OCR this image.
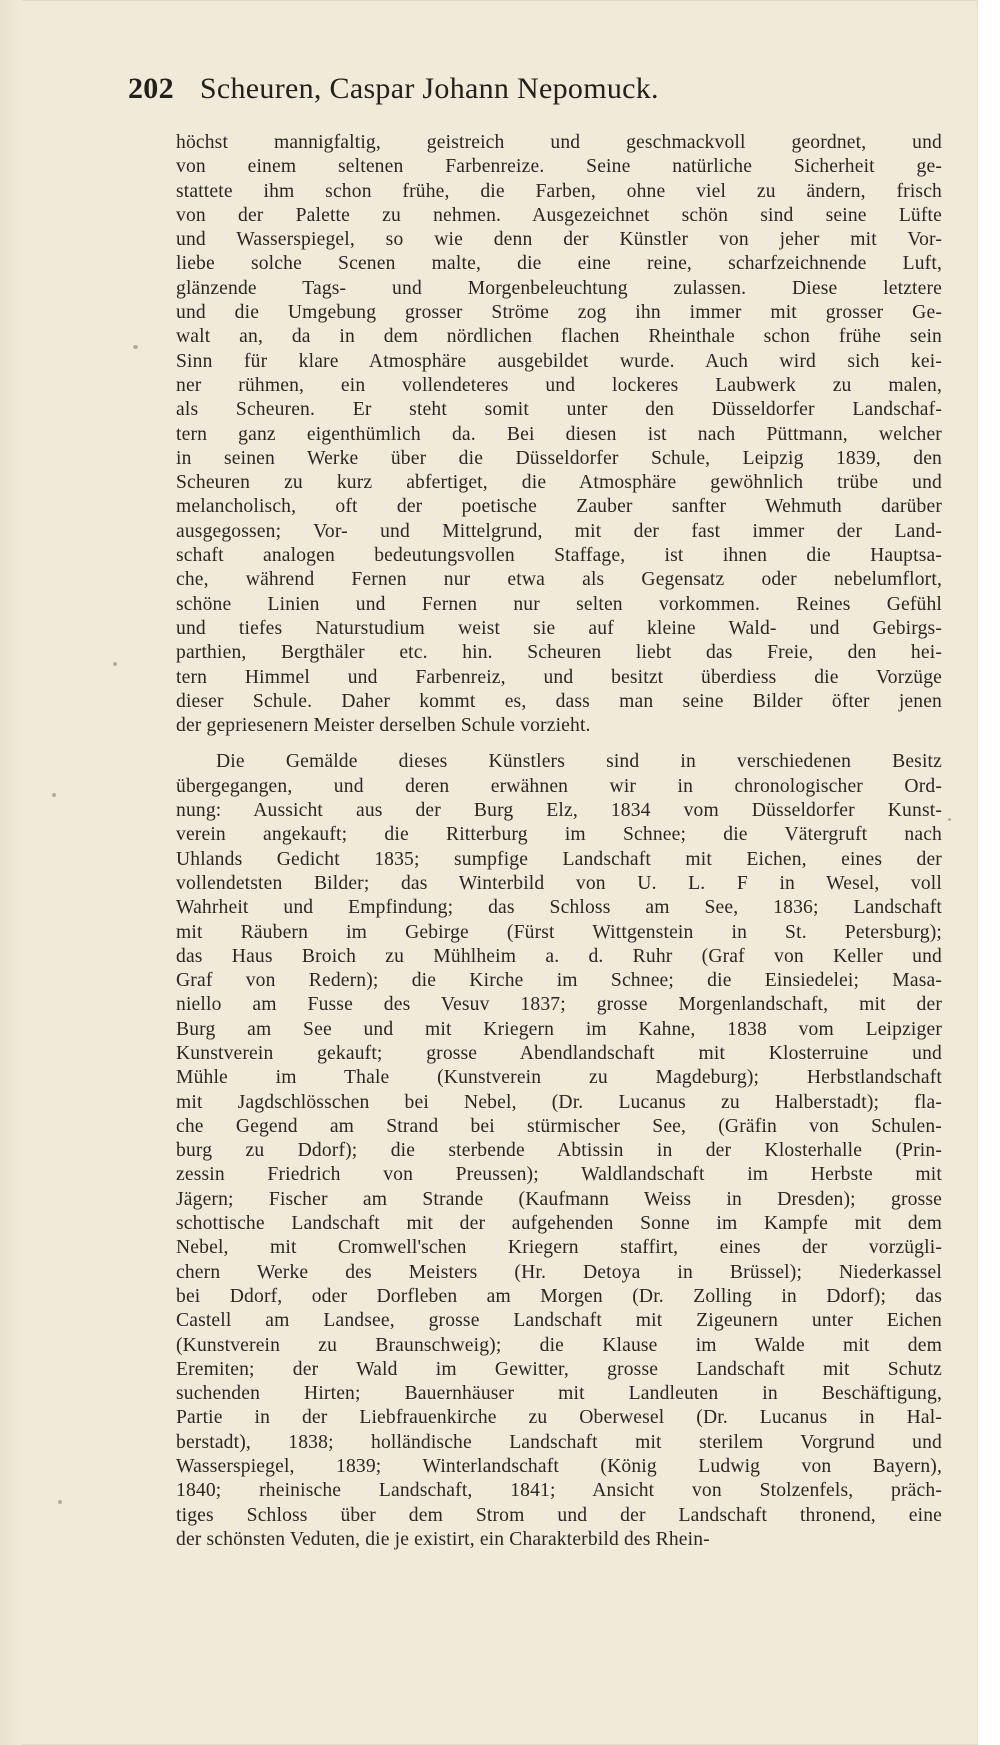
202 Scheuren, Caspar Johann Nepomuck.

höchst mannigfaltig, geistreich und geschmackvoll geordnet, und

von einem seltenen Farbenreize. Seine natürliche Sicherheit ge-

stattete ihm schon frühe, die Farben, ohne viel zu ändern, frisch

von der Palette zu nehmen. Ausgezeichnet schön sind seine Lüfte

und Wasserspiegel, so wie denn der Künstler von jeher mit Vor-

liebe solche Scenen malte, die eine reine, scharfzeichnende Luft,

glänzende Tags- und Morgenbeleuchtung zulassen. Diese letztere

und die Umgebung grosser Ströme zog ihn immer mit grosser Ge-

walt an, da in dem nördlichen flachen Rheinthale schon frühe sein

Sinn für klare Atmosphäre ausgebildet wurde. Auch wird sich kei-

ner rühmen, ein vollendeteres und lockeres Laubwerk zu malen,

als Scheuren. Er steht somit unter den Düsseldorfer Landschaf-

tern ganz eigenthümlich da. Bei diesen ist nach Püttmann, welcher

in seinen Werke über die Düsseldorfer Schule, Leipzig 1839, den

Scheuren zu kurz abfertiget, die Atmosphäre gewöhnlich trübe und

melancholisch, oft der poetische Zauber sanfter Wehmuth darüber

ausgegossen; Vor- und Mittelgrund, mit der fast immer der Land-

schaft analogen bedeutungsvollen Staffage, ist ihnen die Hauptsa-

che, während Fernen nur etwa als Gegensatz oder nebelumflort,

schöne Linien und Fernen nur selten vorkommen. Reines Gefühl

und tiefes Naturstudium weist sie auf kleine Wald- und Gebirgs-

parthien, Bergthäler etc. hin. Scheuren liebt das Freie, den hei-

tern Himmel und Farbenreiz, und besitzt überdiess die Vorzüge

dieser Schule. Daher kommt es, dass man seine Bilder öfter jenen

der gepriesenern Meister derselben Schule vorzieht.

Die Gemälde dieses Künstlers sind in verschiedenen Besitz

übergegangen, und deren erwähnen wir in chronologischer Ord-

nung: Aussicht aus der Burg Elz, 1834 vom Düsseldorfer Kunst-

verein angekauft; die Ritterburg im Schnee; die Vätergruft nach

Uhlands Gedicht 1835; sumpfige Landschaft mit Eichen, eines der

vollendetsten Bilder; das Winterbild von U. L. F in Wesel, voll

Wahrheit und Empfindung; das Schloss am See, 1836; Landschaft

mit Räubern im Gebirge (Fürst Wittgenstein in St. Petersburg);

das Haus Broich zu Mühlheim a. d. Ruhr (Graf von Keller und

Graf von Redern); die Kirche im Schnee; die Einsiedelei; Masa-

niello am Fusse des Vesuv 1837; grosse Morgenlandschaft, mit der

Burg am See und mit Kriegern im Kahne, 1838 vom Leipziger

Kunstverein gekauft; grosse Abendlandschaft mit Klosterruine und

Mühle im Thale (Kunstverein zu Magdeburg); Herbstlandschaft

mit Jagdschlösschen bei Nebel, (Dr. Lucanus zu Halberstadt); fla-

che Gegend am Strand bei stürmischer See, (Gräfin von Schulen-

burg zu Ddorf); die sterbende Abtissin in der Klosterhalle (Prin-

zessin Friedrich von Preussen); Waldlandschaft im Herbste mit

Jägern; Fischer am Strande (Kaufmann Weiss in Dresden); grosse

schottische Landschaft mit der aufgehenden Sonne im Kampfe mit dem

Nebel, mit Cromwell'schen Kriegern staffirt, eines der vorzügli-

chern Werke des Meisters (Hr. Detoya in Brüssel); Niederkassel

bei Ddorf, oder Dorfleben am Morgen (Dr. Zolling in Ddorf); das

Castell am Landsee, grosse Landschaft mit Zigeunern unter Eichen

(Kunstverein zu Braunschweig); die Klause im Walde mit dem

Eremiten; der Wald im Gewitter, grosse Landschaft mit Schutz

suchenden Hirten; Bauernhäuser mit Landleuten in Beschäftigung,

Partie in der Liebfrauenkirche zu Oberwesel (Dr. Lucanus in Hal-

berstadt), 1838; holländische Landschaft mit sterilem Vorgrund und

Wasserspiegel, 1839; Winterlandschaft (König Ludwig von Bayern),

1840; rheinische Landschaft, 1841; Ansicht von Stolzenfels, präch-

tiges Schloss über dem Strom und der Landschaft thronend, eine

der schönsten Veduten, die je existirt, ein Charakterbild des Rhein-
